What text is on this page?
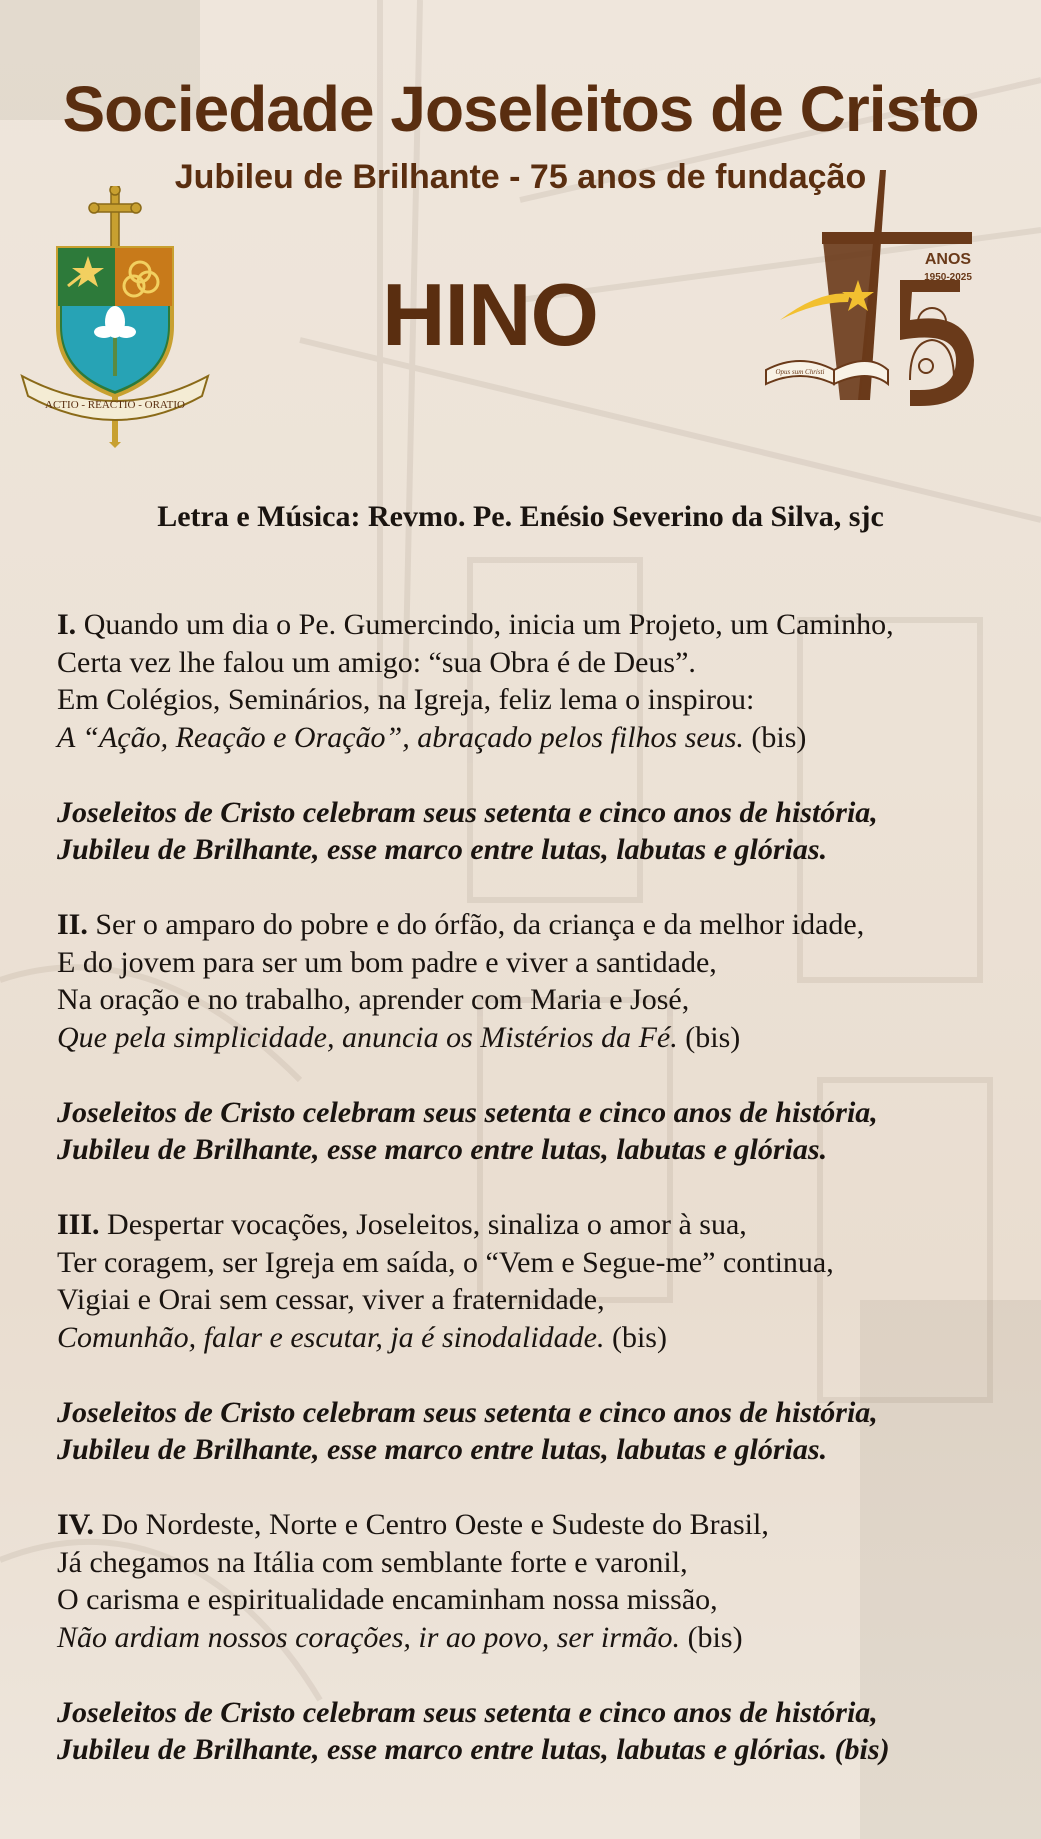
Sociedade Joseleitos de Cristo
Jubileu de Brilhante - 75 anos de fundação
HINO
ACTIO - REACTIO - ORATIO
ANOS
1950-2025
Opus sum Christi
Letra e Música: Revmo. Pe. Enésio Severino da Silva, sjc
I. Quando um dia o Pe. Gumercindo, inicia um Projeto, um Caminho,
Certa vez lhe falou um amigo: “sua Obra é de Deus”.
Em Colégios, Seminários, na Igreja, feliz lema o inspirou:
A “Ação, Reação e Oração”, abraçado pelos filhos seus. (bis)
Joseleitos de Cristo celebram seus setenta e cinco anos de história,
Jubileu de Brilhante, esse marco entre lutas, labutas e glórias.
II. Ser o amparo do pobre e do órfão, da criança e da melhor idade,
E do jovem para ser um bom padre e viver a santidade,
Na oração e no trabalho, aprender com Maria e José,
Que pela simplicidade, anuncia os Mistérios da Fé. (bis)
Joseleitos de Cristo celebram seus setenta e cinco anos de história,
Jubileu de Brilhante, esse marco entre lutas, labutas e glórias.
III. Despertar vocações, Joseleitos, sinaliza o amor à sua,
Ter coragem, ser Igreja em saída, o “Vem e Segue-me” continua,
Vigiai e Orai sem cessar, viver a fraternidade,
Comunhão, falar e escutar, ja é sinodalidade. (bis)
Joseleitos de Cristo celebram seus setenta e cinco anos de história,
Jubileu de Brilhante, esse marco entre lutas, labutas e glórias.
IV. Do Nordeste, Norte e Centro Oeste e Sudeste do Brasil,
Já chegamos na Itália com semblante forte e varonil,
O carisma e espiritualidade encaminham nossa missão,
Não ardiam nossos corações, ir ao povo, ser irmão. (bis)
Joseleitos de Cristo celebram seus setenta e cinco anos de história,
Jubileu de Brilhante, esse marco entre lutas, labutas e glórias. (bis)
